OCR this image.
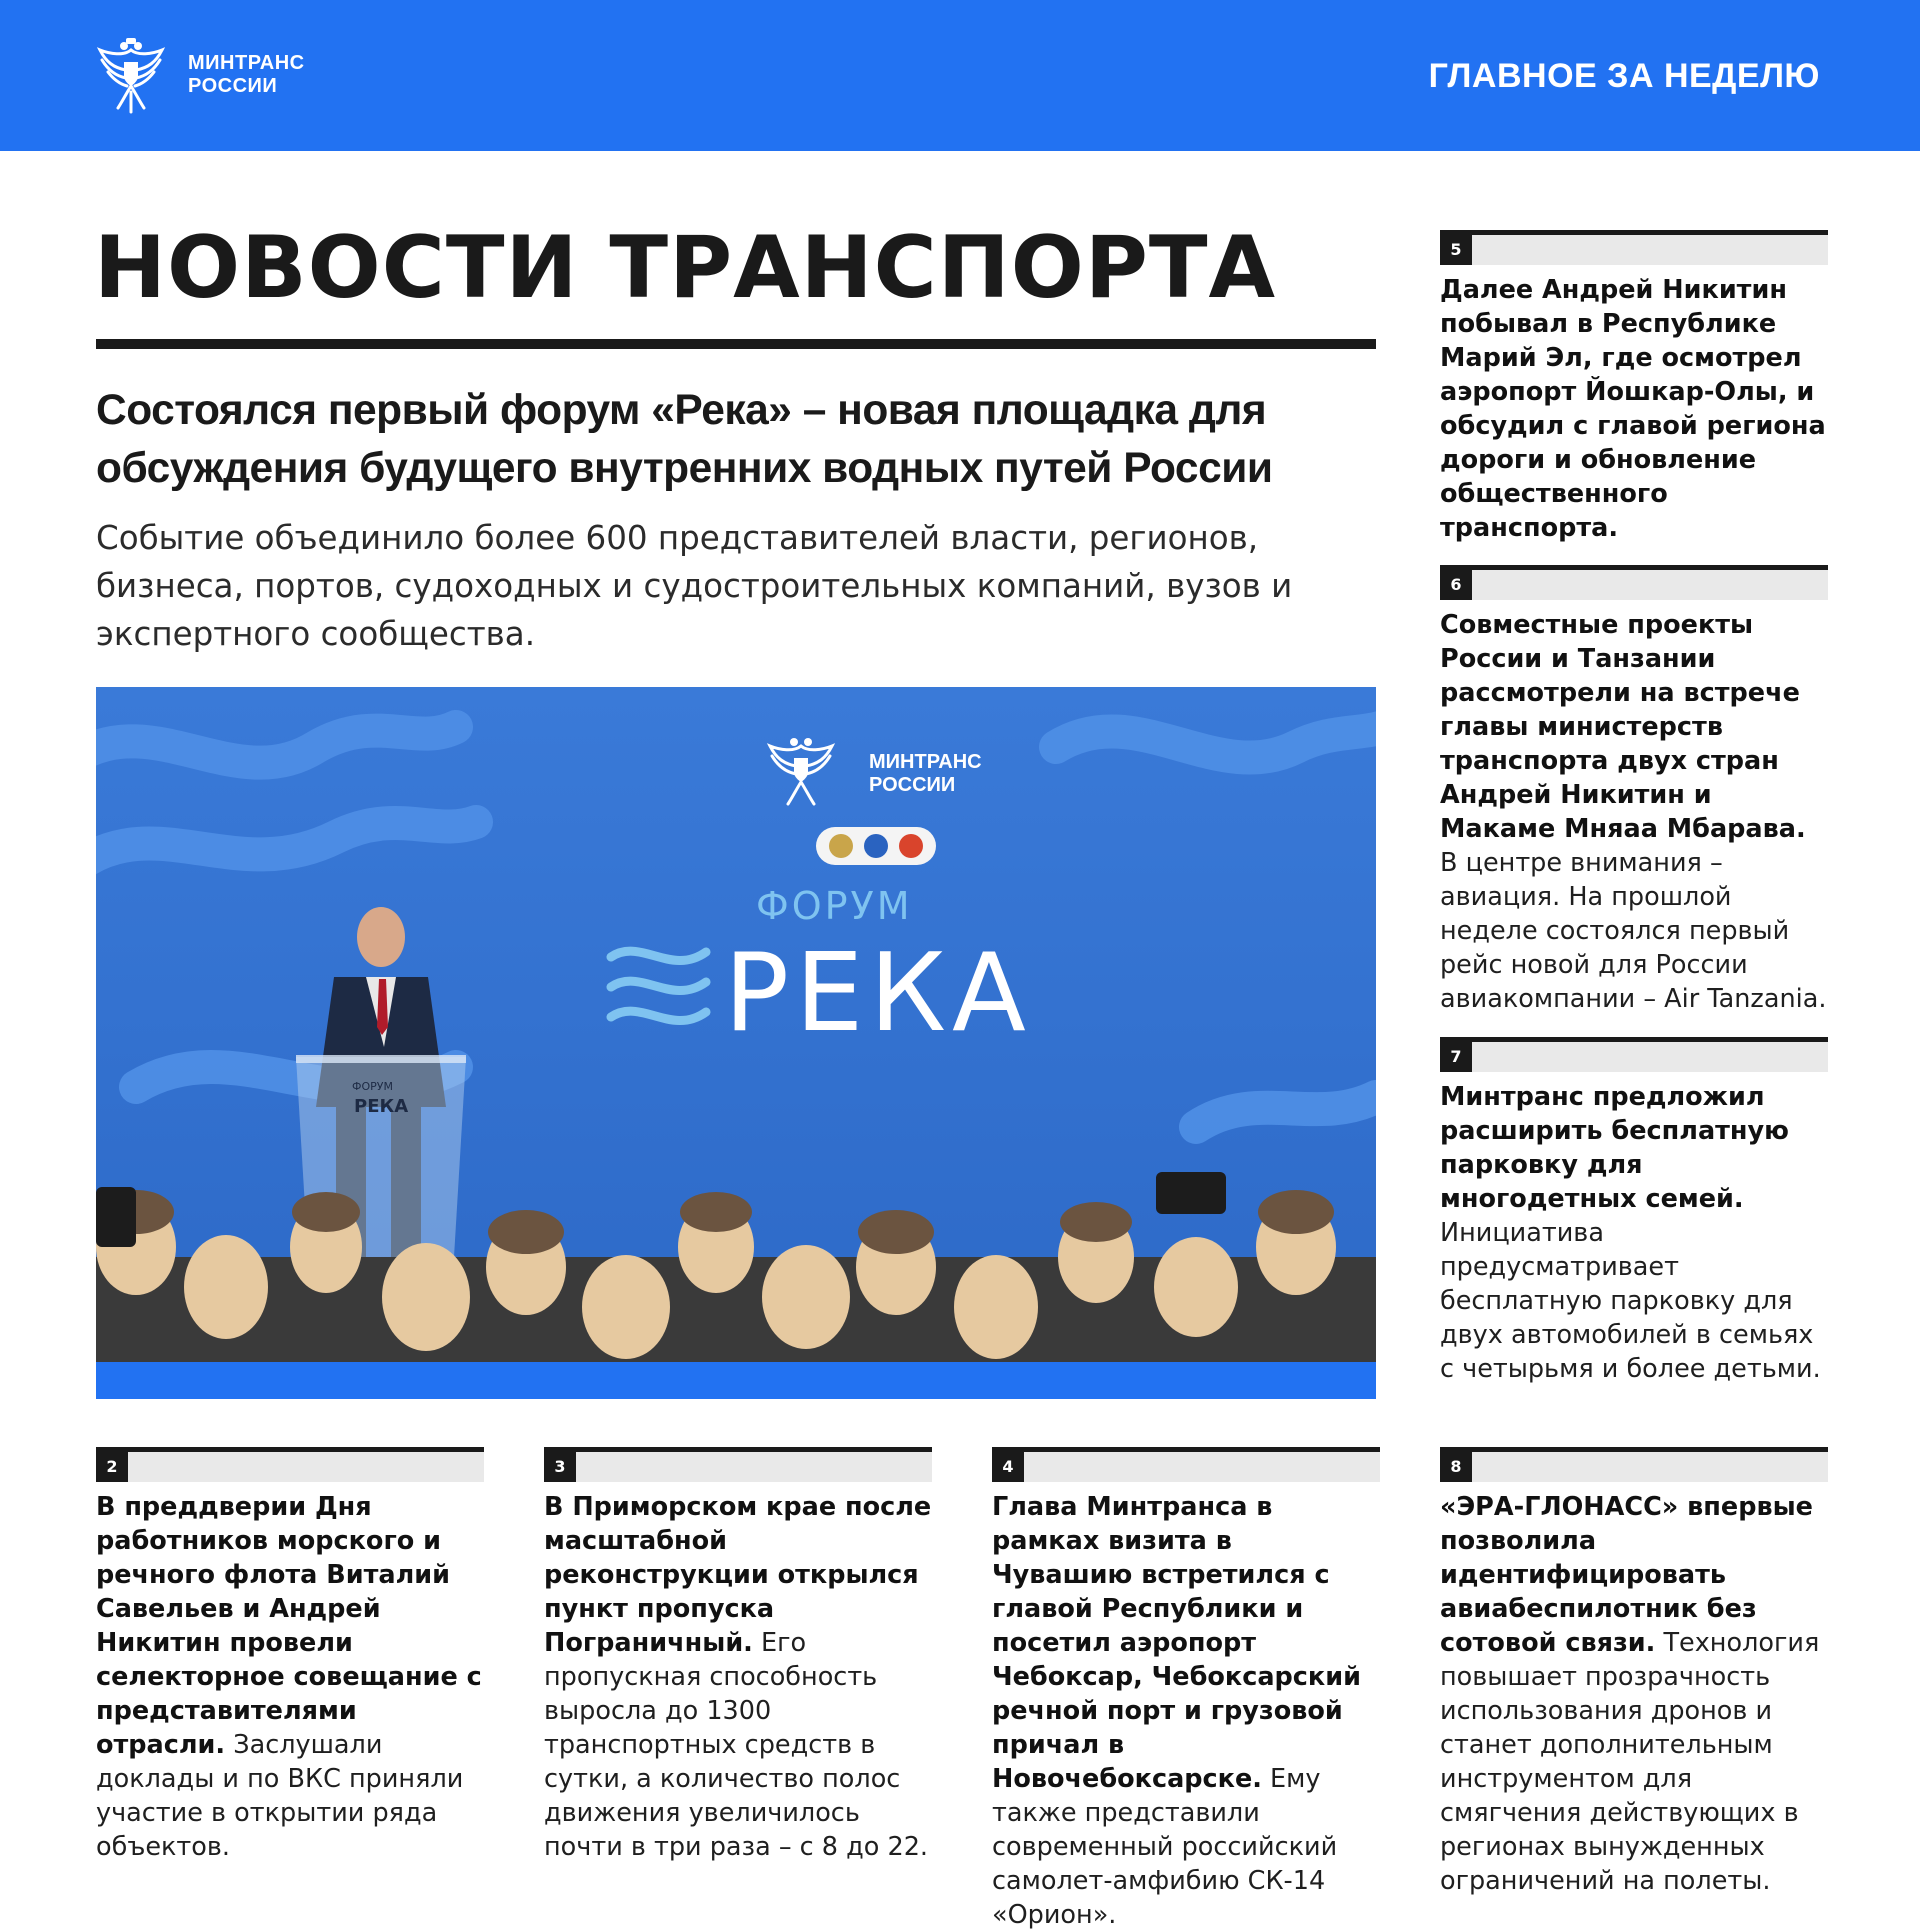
МИНТРАНС
РОССИИ	ГЛАВНОЕ ЗА НЕДЕЛЮ
НОВОСТИ ТРАНСПОРТА
Состоялся первый форум «Река» – новая площадка для обсуждения будущего внутренних водных путей России
Событие объединило более 600 представителей власти, регионов, бизнеса, портов, судоходных и судостроительных компаний, вузов и экспертного сообщества.
МИНТРАНС
РОССИИ
ФОРУМ
РЕКА
ФОРУМ
РЕКА
2
В преддверии Дня работников морского и речного флота Виталий Савельев и Андрей Никитин провели селекторное совещание с представителями отрасли. Заслушали доклады и по ВКС приняли участие в открытии ряда объектов.
3
В Приморском крае после масштабной реконструкции открылся пункт пропуска Пограничный. Его пропускная способность выросла до 1300 транспортных средств в сутки, а количество полос движения увеличилось почти в три раза – с 8 до 22.
4
Глава Минтранса в рамках визита в Чувашию встретился с главой Республики и посетил аэропорт Чебоксар, Чебоксарский речной порт и грузовой причал в Новочебоксарске. Ему также представили современный российский самолет-амфибию СК-14 «Орион».
5
Далее Андрей Никитин побывал в Республике Марий Эл, где осмотрел аэропорт Йошкар-Олы, и обсудил с главой региона дороги и обновление общественного транспорта.
6
Совместные проекты России и Танзании рассмотрели на встрече главы министерств транспорта двух стран Андрей Никитин и Макаме Мняаа Мбарава. В центре внимания – авиация. На прошлой неделе состоялся первый рейс новой для России авиакомпании – Air Tanzania.
7
Минтранс предложил расширить бесплатную парковку для многодетных семей. Инициатива предусматривает бесплатную парковку для двух автомобилей в семьях с четырьмя и более детьми.
8
«ЭРА-ГЛОНАСС» впервые позволила идентифицировать авиабеспилотник без сотовой связи. Технология повышает прозрачность использования дронов и станет дополнительным инструментом для смягчения действующих в регионах вынужденных ограничений на полеты.
